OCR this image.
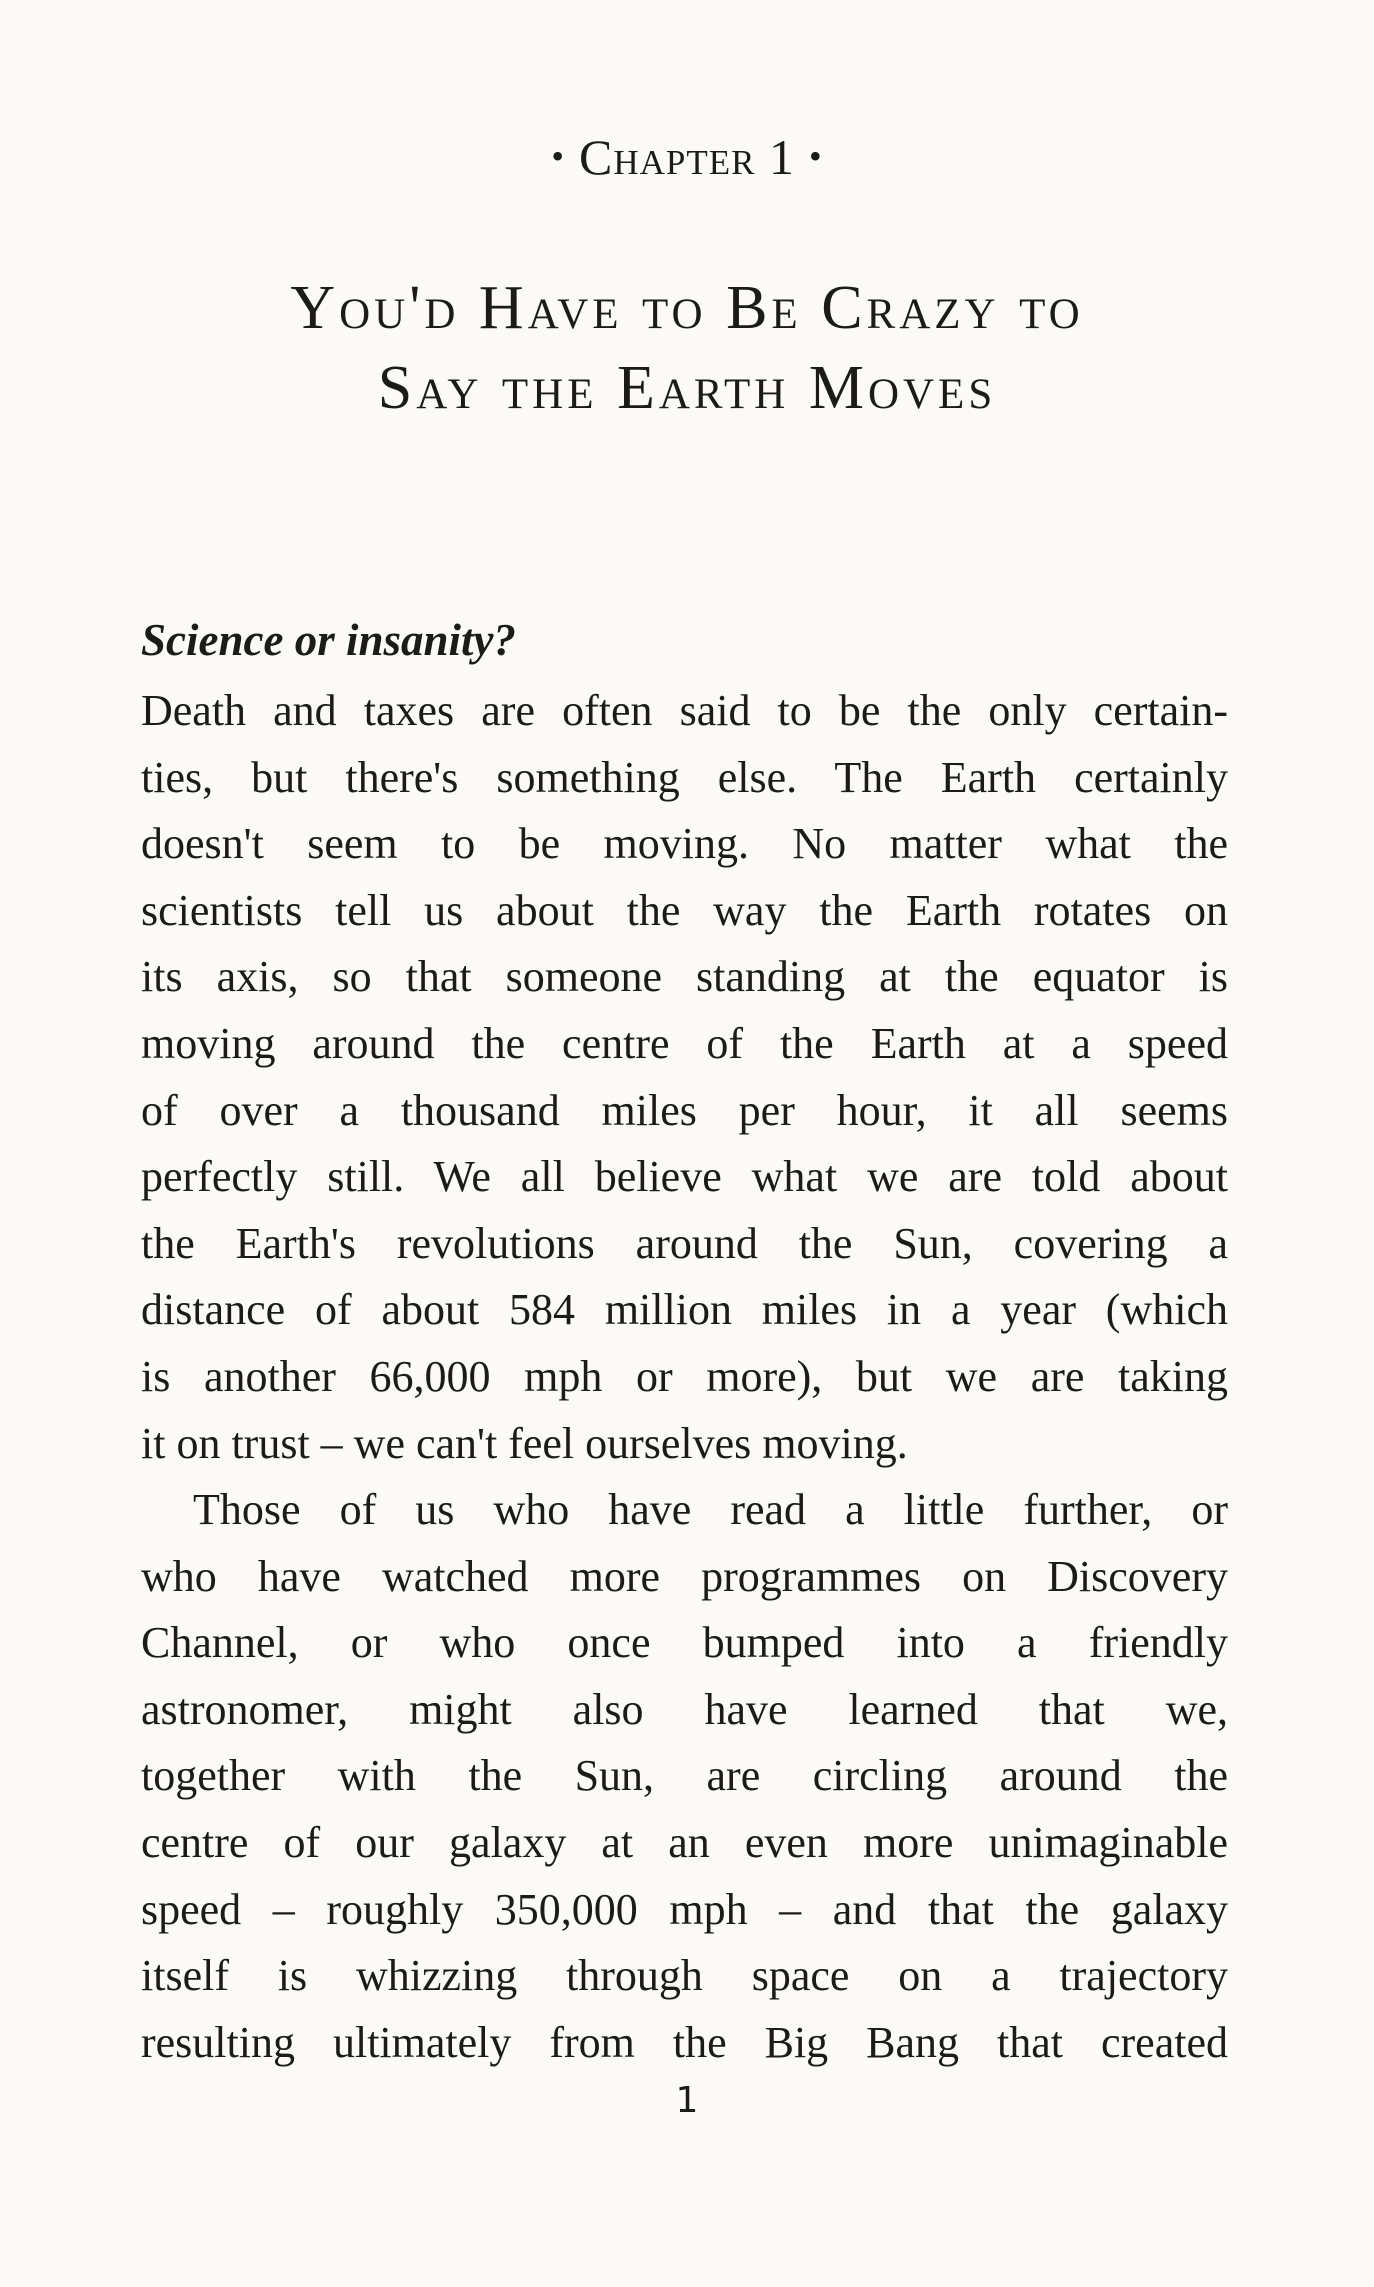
• Chapter 1 •
You'd Have to Be Crazy to
Say the Earth Moves
Science or insanity?
Death and taxes are often said to be the only certain-
ties, but there's something else. The Earth certainly
doesn't seem to be moving. No matter what the
scientists tell us about the way the Earth rotates on
its axis, so that someone standing at the equator is
moving around the centre of the Earth at a speed
of over a thousand miles per hour, it all seems
perfectly still. We all believe what we are told about
the Earth's revolutions around the Sun, covering a
distance of about 584 million miles in a year (which
is another 66,000 mph or more), but we are taking
it on trust – we can't feel ourselves moving.
Those of us who have read a little further, or
who have watched more programmes on Discovery
Channel, or who once bumped into a friendly
astronomer, might also have learned that we,
together with the Sun, are circling around the
centre of our galaxy at an even more unimaginable
speed – roughly 350,000 mph – and that the galaxy
itself is whizzing through space on a trajectory
resulting ultimately from the Big Bang that created
1
